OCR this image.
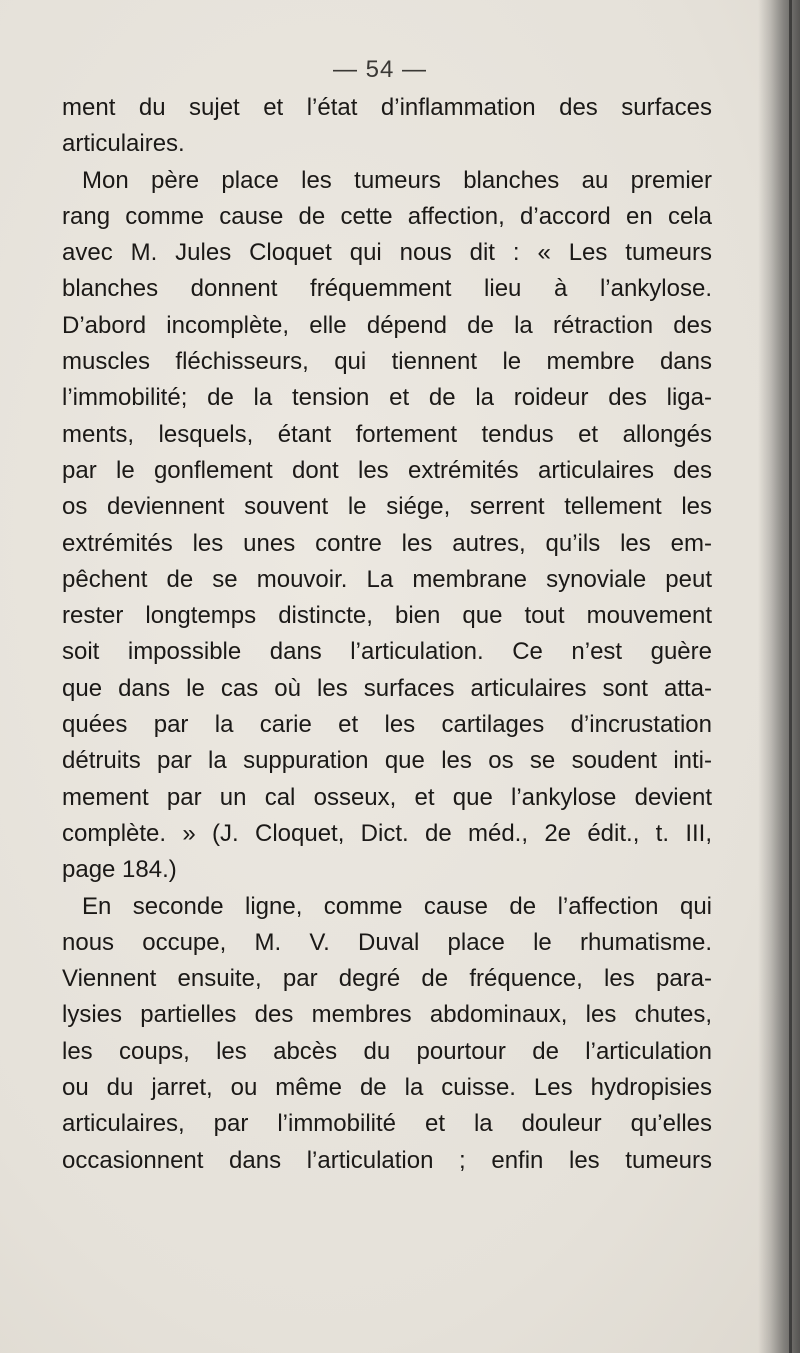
— 54 —
ment du sujet et l’état d’inflammation des surfaces
articulaires.
Mon père place les tumeurs blanches au premier
rang comme cause de cette affection, d’accord en cela
avec M. Jules Cloquet qui nous dit : « Les tumeurs
blanches donnent fréquemment lieu à l’ankylose.
D’abord incomplète, elle dépend de la rétraction des
muscles fléchisseurs, qui tiennent le membre dans
l’immobilité; de la tension et de la roideur des liga-
ments, lesquels, étant fortement tendus et allongés
par le gonflement dont les extrémités articulaires des
os deviennent souvent le siége, serrent tellement les
extrémités les unes contre les autres, qu’ils les em-
pêchent de se mouvoir. La membrane synoviale peut
rester longtemps distincte, bien que tout mouvement
soit impossible dans l’articulation. Ce n’est guère
que dans le cas où les surfaces articulaires sont atta-
quées par la carie et les cartilages d’incrustation
détruits par la suppuration que les os se soudent inti-
mement par un cal osseux, et que l’ankylose devient
complète. » (J. Cloquet, Dict. de méd., 2e édit., t. III,
page 184.)
En seconde ligne, comme cause de l’affection qui
nous occupe, M. V. Duval place le rhumatisme.
Viennent ensuite, par degré de fréquence, les para-
lysies partielles des membres abdominaux, les chutes,
les coups, les abcès du pourtour de l’articulation
ou du jarret, ou même de la cuisse. Les hydropisies
articulaires, par l’immobilité et la douleur qu’elles
occasionnent dans l’articulation ; enfin les tumeurs
